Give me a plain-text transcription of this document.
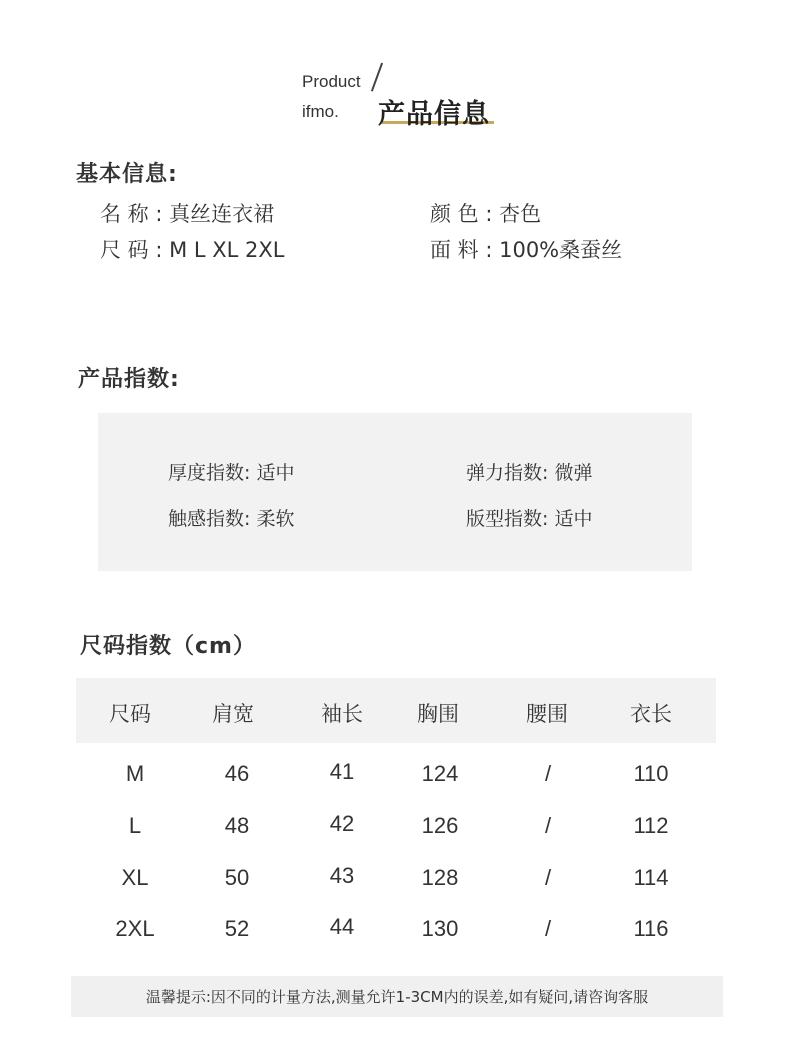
Product
ifmo. 产品信息
基本信息:
名 称 : 真丝连衣裙	颜 色 : 杏色
尺 码 : M L XL 2XL	面 料 : 100%桑蚕丝
产品指数:
厚度指数: 适中	弹力指数: 微弹
触感指数: 柔软	版型指数: 适中
尺码指数（cm）
尺码	肩宽	袖长	胸围	腰围	衣长
M	46	41	124	/	110
L	48	42	126	/	112
XL	50	43	128	/	114
2XL	52	44	130	/	116
温馨提示:因不同的计量方法,测量允许1-3CM内的误差,如有疑问,请咨询客服
